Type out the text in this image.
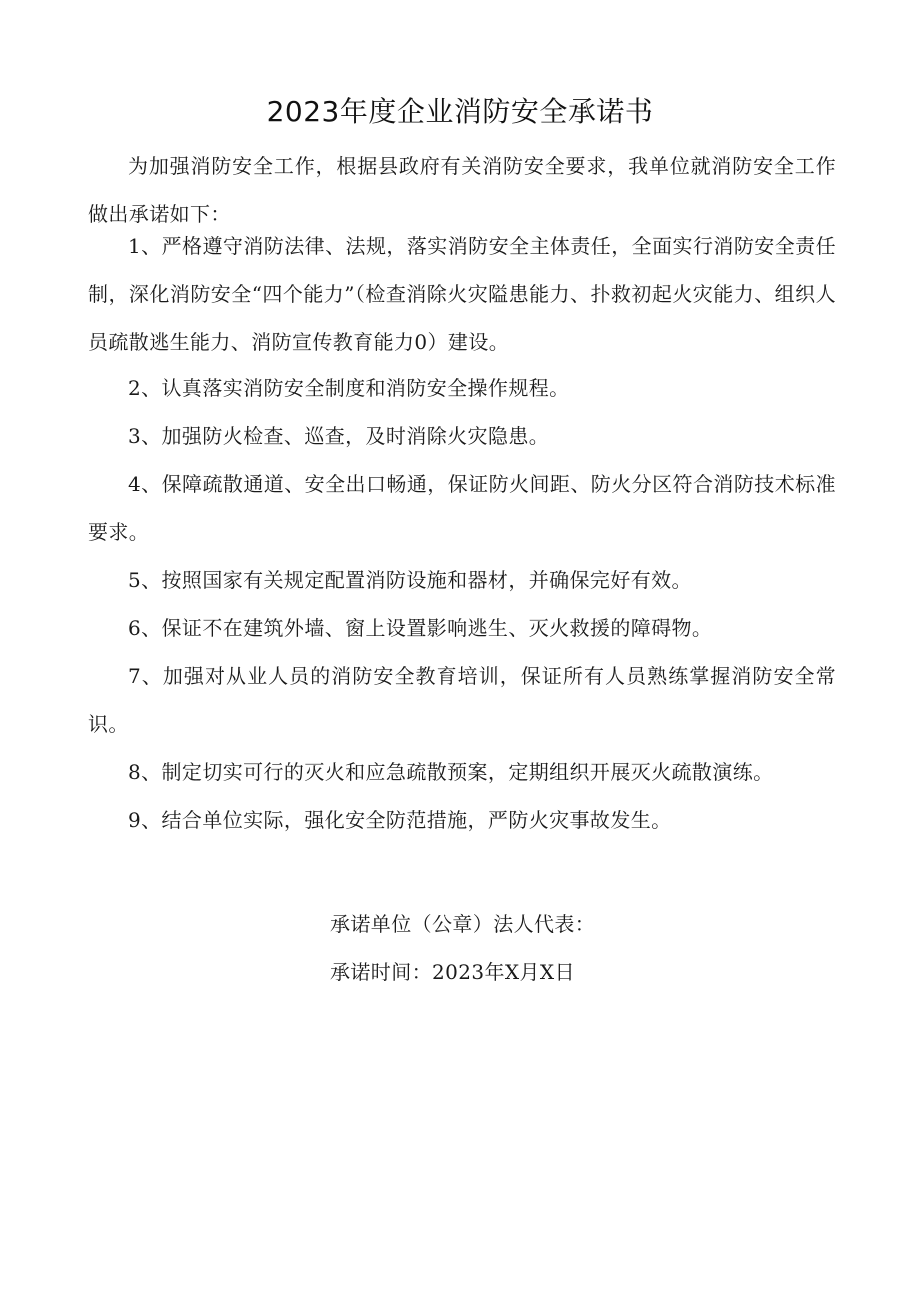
2023年度企业消防安全承诺书

为加强消防安全工作，根据县政府有关消防安全要求，我单位就消防安全工作做出承诺如下：

1、严格遵守消防法律、法规，落实消防安全主体责任，全面实行消防安全责任制，深化消防安全“四个能力”（检查消除火灾隘患能力、扑救初起火灾能力、组织人员疏散逃生能力、消防宣传教育能力0）建设。

2、认真落实消防安全制度和消防安全操作规程。

3、加强防火检查、巡查，及时消除火灾隐患。

4、保障疏散通道、安全出口畅通，保证防火间距、防火分区符合消防技术标准要求。

5、按照国家有关规定配置消防设施和器材，并确保完好有效。

6、保证不在建筑外墙、窗上设置影响逃生、灭火救援的障碍物。

7、加强对从业人员的消防安全教育培训，保证所有人员熟练掌握消防安全常识。

8、制定切实可行的灭火和应急疏散预案，定期组织开展灭火疏散演练。

9、结合单位实际，强化安全防范措施，严防火灾事故发生。

承诺单位（公章）法人代表：

承诺时间：2023年X月X日
